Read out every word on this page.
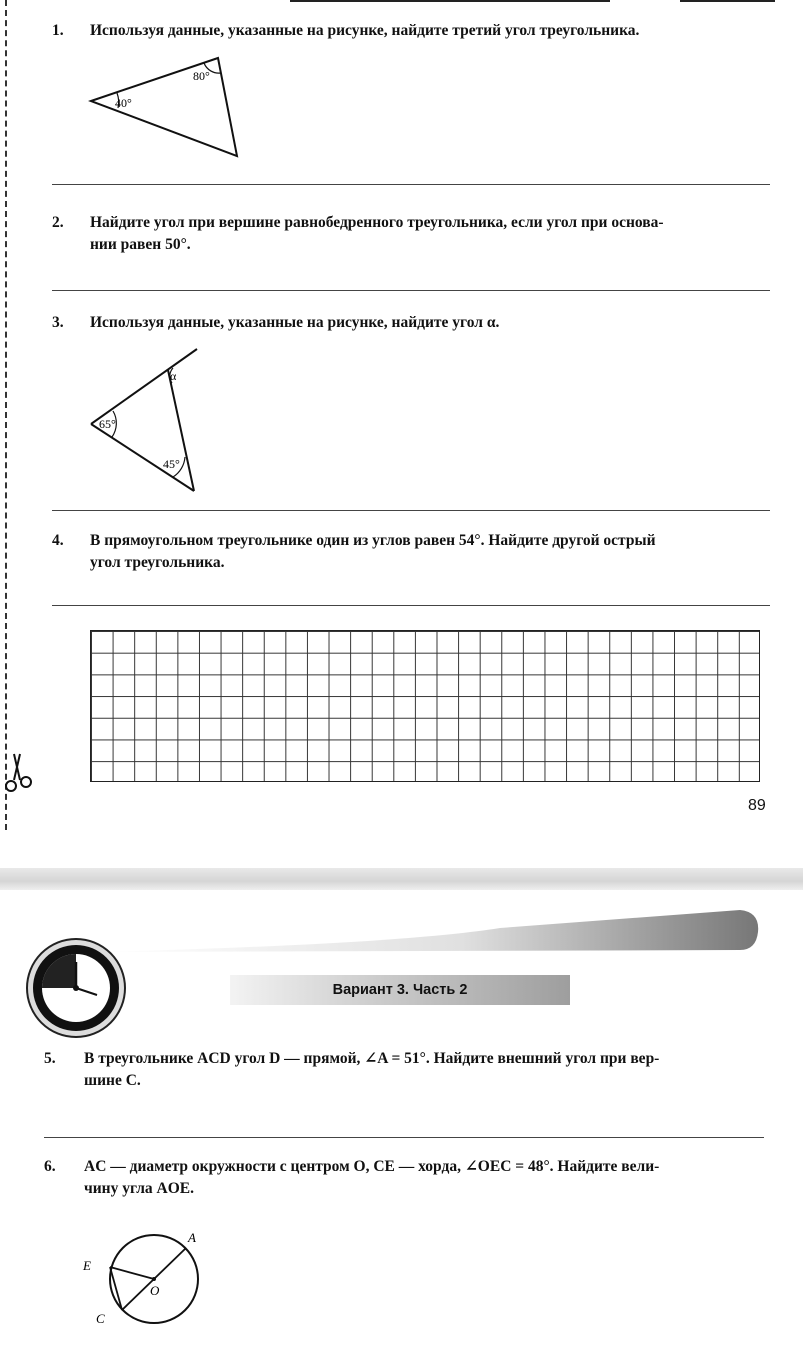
1. Используя данные, указанные на рисунке, найдите третий угол треугольника.
80°
40°
2. Найдите угол при вершине равнобедренного треугольника, если угол при основа-
нии равен 50°.
3. Используя данные, указанные на рисунке, найдите угол α.
α
65°
45°
4. В прямоугольном треугольнике один из углов равен 54°. Найдите другой острый
угол треугольника.
89
Вариант 3. Часть 2
5. В треугольнике ACD угол D — прямой, ∠A = 51°. Найдите внешний угол при вер-
шине C.
6. AC — диаметр окружности с центром O, CE — хорда, ∠OEC = 48°. Найдите вели-
чину угла AOE.
A
E
O
C
